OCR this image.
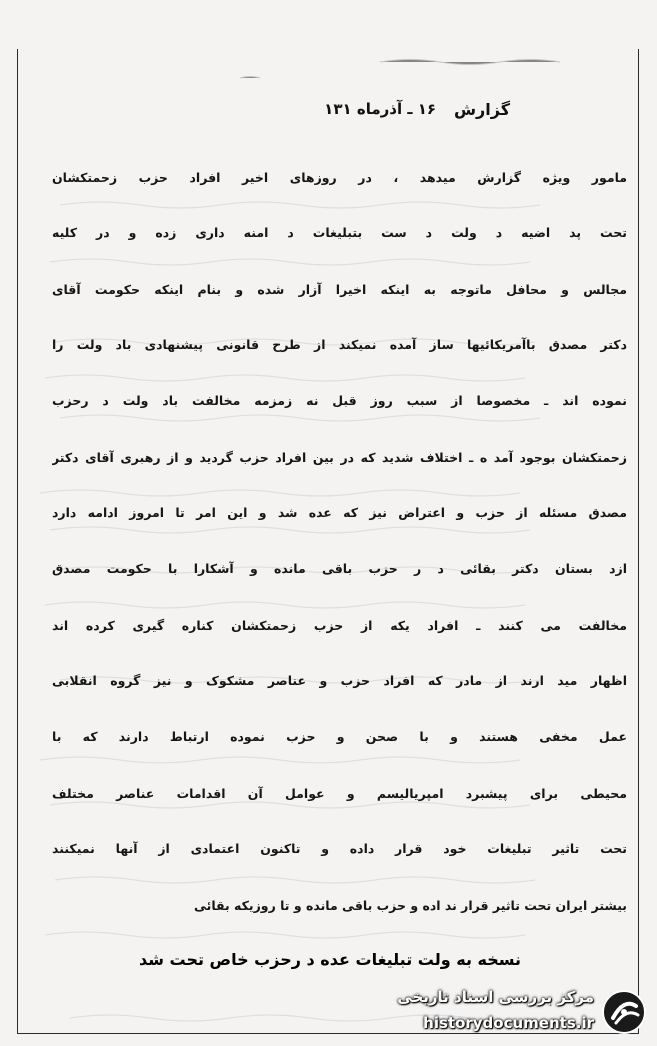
گزارش
۱۶ ـ آذرماه ۱۳۱
مامور ویژه گزارش میدهد ، در روزهای اخیر افراد حزب زحمتکشان
تحت پد اضیه د ولت د ست بتبلیغات د امنه داری زده و در کلیه
مجالس و محافل ماتوجه به اینکه اخیرا آزار شده و بنام اینکه حکومت آقای
دکتر مصدق باآمریکائیها ساز آمده نمیکند از طرح قانونی پیشنهادی باد ولت را
نموده اند ـ مخصوصا از سبب روز قبل نه زمزمه مخالفت باد ولت د رحزب
زحمتکشان بوجود آمد ه ـ اختلاف شدید که در بین افراد حزب گردید و از رهبری آقای دکتر
مصدق مسئله از حزب و اعتراض نیز که عده شد و این امر تا امروز ادامه دارد
ازد بستان دکتر بقائی د ر حزب باقی مانده و آشکارا با حکومت مصدق
مخالفت می کنند ـ افراد یکه از حزب زحمتکشان کناره گیری کرده اند
اظهار مید ارند از مادر که افراد حزب و عناصر مشکوک و نیز گروه انقلابی
عمل مخفی هستند و با صحن و حزب نموده ارتباط دارند که با
محیطی برای پیشبرد امپریالیسم و عوامل آن اقدامات عناصر مختلف
تحت تاثیر تبلیغات خود قرار داده و تاکنون اعتمادی از آنها نمیکنند
بیشتر ایران تحت تاثیر قرار ند اده و حزب باقی مانده و تا روزیکه بقائی
نسخه به ولت تبلیغات عده د رحزب خاص تحت شد
مرکز بررسی اسناد تاریخی
historydocuments.ir
